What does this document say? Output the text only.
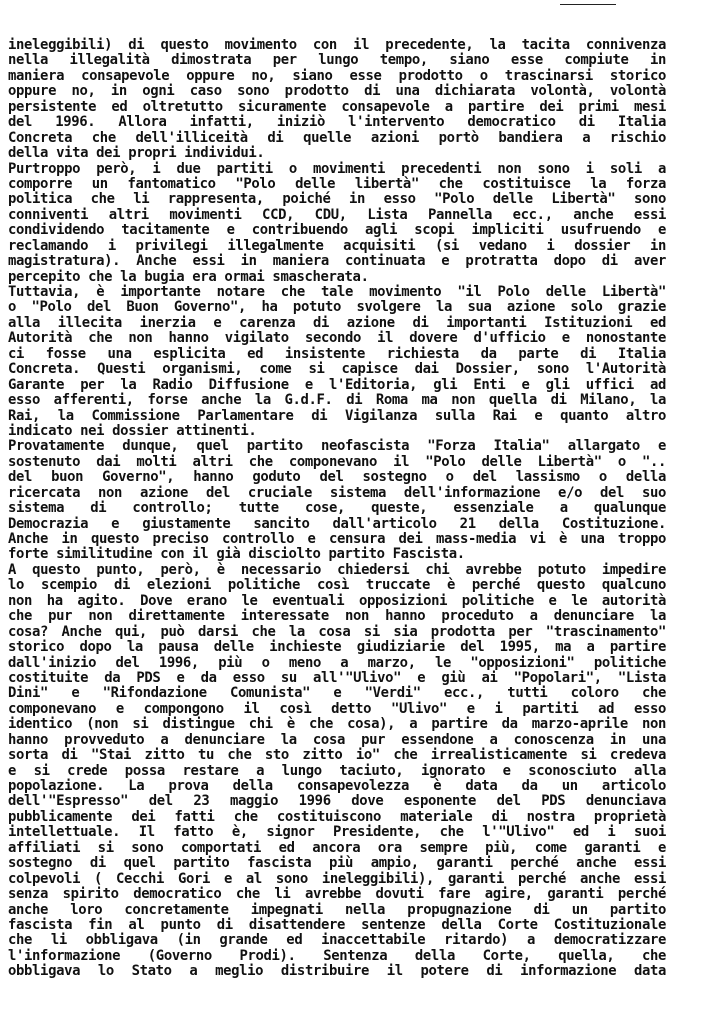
ineleggibili) di questo movimento con il precedente, la tacita connivenza
nella illegalità dimostrata per lungo tempo, siano esse compiute in
maniera consapevole oppure no, siano esse prodotto o trascinarsi storico
oppure no, in ogni caso sono prodotto di una dichiarata volontà, volontà
persistente ed oltretutto sicuramente consapevole a partire dei primi mesi
del 1996. Allora infatti, iniziò l'intervento democratico di Italia
Concreta che dell'illiceità di quelle azioni portò bandiera a rischio
della vita dei propri individui.
Purtroppo però, i due partiti o movimenti precedenti non sono i soli a
comporre un fantomatico "Polo delle libertà" che costituisce la forza
politica che li rappresenta, poiché in esso "Polo delle Libertà" sono
conniventi altri movimenti CCD, CDU, Lista Pannella ecc., anche essi
condividendo tacitamente e contribuendo agli scopi impliciti usufruendo e
reclamando i privilegi illegalmente acquisiti (si vedano i dossier in
magistratura). Anche essi in maniera continuata e protratta dopo di aver
percepito che la bugia era ormai smascherata.
Tuttavia, è importante notare che tale movimento "il Polo delle Libertà"
o "Polo del Buon Governo", ha potuto svolgere la sua azione solo grazie
alla illecita inerzia e carenza di azione di importanti Istituzioni ed
Autorità che non hanno vigilato secondo il dovere d'ufficio e nonostante
ci fosse una esplicita ed insistente richiesta da parte di Italia
Concreta. Questi organismi, come si capisce dai Dossier, sono l'Autorità
Garante per la Radio Diffusione e l'Editoria, gli Enti e gli uffici ad
esso afferenti, forse anche la G.d.F. di Roma ma non quella di Milano, la
Rai, la Commissione Parlamentare di Vigilanza sulla Rai e quanto altro
indicato nei dossier attinenti.
Provatamente dunque, quel partito neofascista "Forza Italia" allargato e
sostenuto dai molti altri che componevano il "Polo delle Libertà" o "..
del buon Governo", hanno goduto del sostegno o del lassismo o della
ricercata non azione del cruciale sistema dell'informazione e/o del suo
sistema di controllo; tutte cose, queste, essenziale a qualunque
Democrazia e giustamente sancito dall'articolo 21 della Costituzione.
Anche in questo preciso controllo e censura dei mass-media vi è una troppo
forte similitudine con il già disciolto partito Fascista.
A questo punto, però, è necessario chiedersi chi avrebbe potuto impedire
lo scempio di elezioni politiche così truccate è perché questo qualcuno
non ha agito. Dove erano le eventuali opposizioni politiche e le autorità
che pur non direttamente interessate non hanno proceduto a denunciare la
cosa? Anche qui, può darsi che la cosa si sia prodotta per "trascinamento"
storico dopo la pausa delle inchieste giudiziarie del 1995, ma a partire
dall'inizio del 1996, più o meno a marzo, le "opposizioni" politiche
costituite da PDS e da esso su all'"Ulivo" e giù ai "Popolari", "Lista
Dini" e "Rifondazione Comunista" e "Verdi" ecc., tutti coloro che
componevano e compongono il così detto "Ulivo" e i partiti ad esso
identico (non si distingue chi è che cosa), a partire da marzo-aprile non
hanno provveduto a denunciare la cosa pur essendone a conoscenza in una
sorta di "Stai zitto tu che sto zitto io" che irrealisticamente si credeva
e si crede possa restare a lungo taciuto, ignorato e sconosciuto alla
popolazione. La prova della consapevolezza è data da un articolo
dell'"Espresso" del 23 maggio 1996 dove esponente del PDS denunciava
pubblicamente dei fatti che costituiscono materiale di nostra proprietà
intellettuale. Il fatto è, signor Presidente, che l'"Ulivo" ed i suoi
affiliati si sono comportati ed ancora ora sempre più, come garanti e
sostegno di quel partito fascista più ampio, garanti perché anche essi
colpevoli ( Cecchi Gori e al sono ineleggibili), garanti perché anche essi
senza spirito democratico che li avrebbe dovuti fare agire, garanti perché
anche loro concretamente impegnati nella propugnazione di un partito
fascista fin al punto di disattendere sentenze della Corte Costituzionale
che li obbligava (in grande ed inaccettabile ritardo) a democratizzare
l'informazione (Governo Prodi). Sentenza della Corte, quella, che
obbligava lo Stato a meglio distribuire il potere di informazione data
